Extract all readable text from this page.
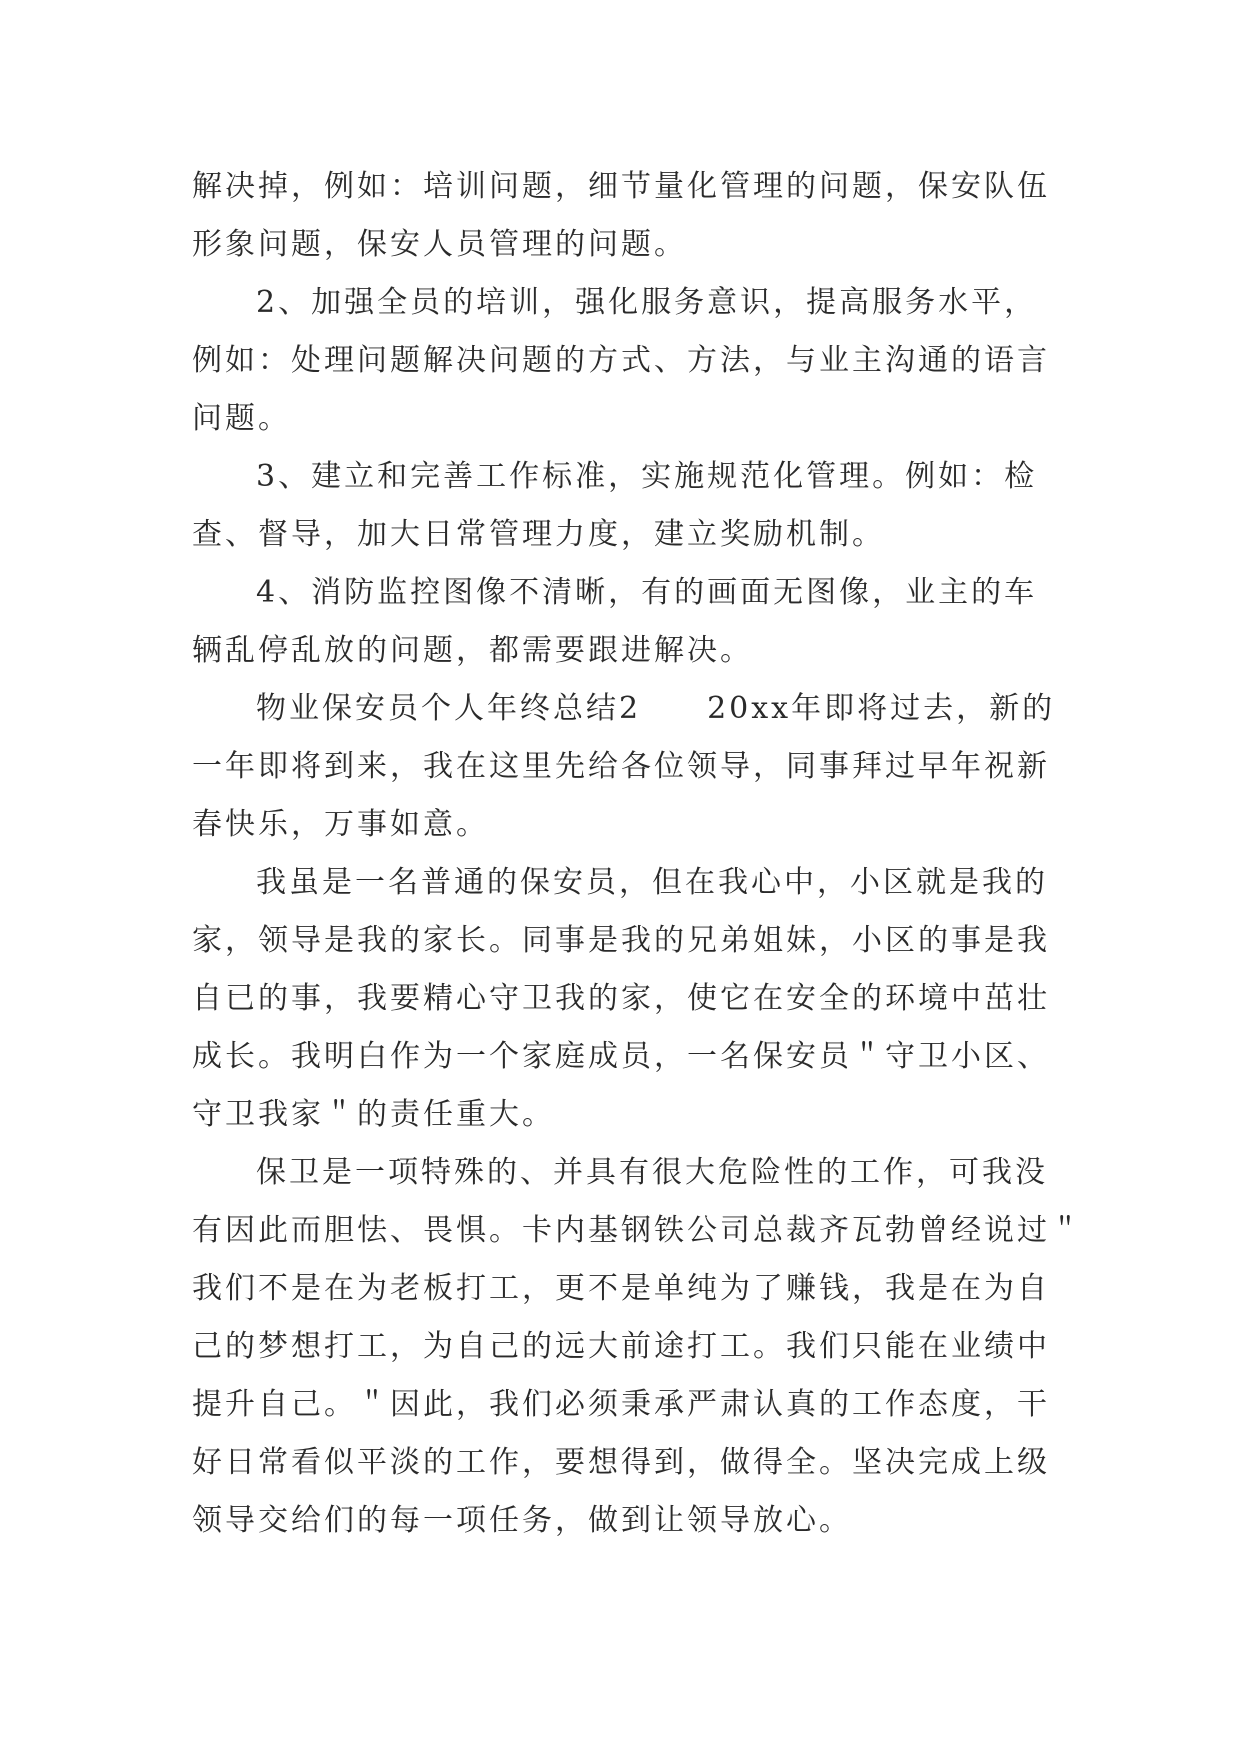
解决掉，例如：培训问题，细节量化管理的问题，保安队伍
形象问题，保安人员管理的问题。
2、加强全员的培训，强化服务意识，提高服务水平，
例如：处理问题解决问题的方式、方法，与业主沟通的语言
问题。
3、建立和完善工作标准，实施规范化管理。例如：检
查、督导，加大日常管理力度，建立奖励机制。
4、消防监控图像不清晰，有的画面无图像，业主的车
辆乱停乱放的问题，都需要跟进解决。
物业保安员个人年终总结2　　20xx年即将过去，新的
一年即将到来，我在这里先给各位领导，同事拜过早年祝新
春快乐，万事如意。
我虽是一名普通的保安员，但在我心中，小区就是我的
家，领导是我的家长。同事是我的兄弟姐妹，小区的事是我
自已的事，我要精心守卫我的家，使它在安全的环境中茁壮
成长。我明白作为一个家庭成员，一名保安员＂守卫小区、
守卫我家＂的责任重大。
保卫是一项特殊的、并具有很大危险性的工作，可我没
有因此而胆怯、畏惧。卡内基钢铁公司总裁齐瓦勃曾经说过＂
我们不是在为老板打工，更不是单纯为了赚钱，我是在为自
己的梦想打工，为自己的远大前途打工。我们只能在业绩中
提升自己。＂因此，我们必须秉承严肃认真的工作态度，干
好日常看似平淡的工作，要想得到，做得全。坚决完成上级
领导交给们的每一项任务，做到让领导放心。
